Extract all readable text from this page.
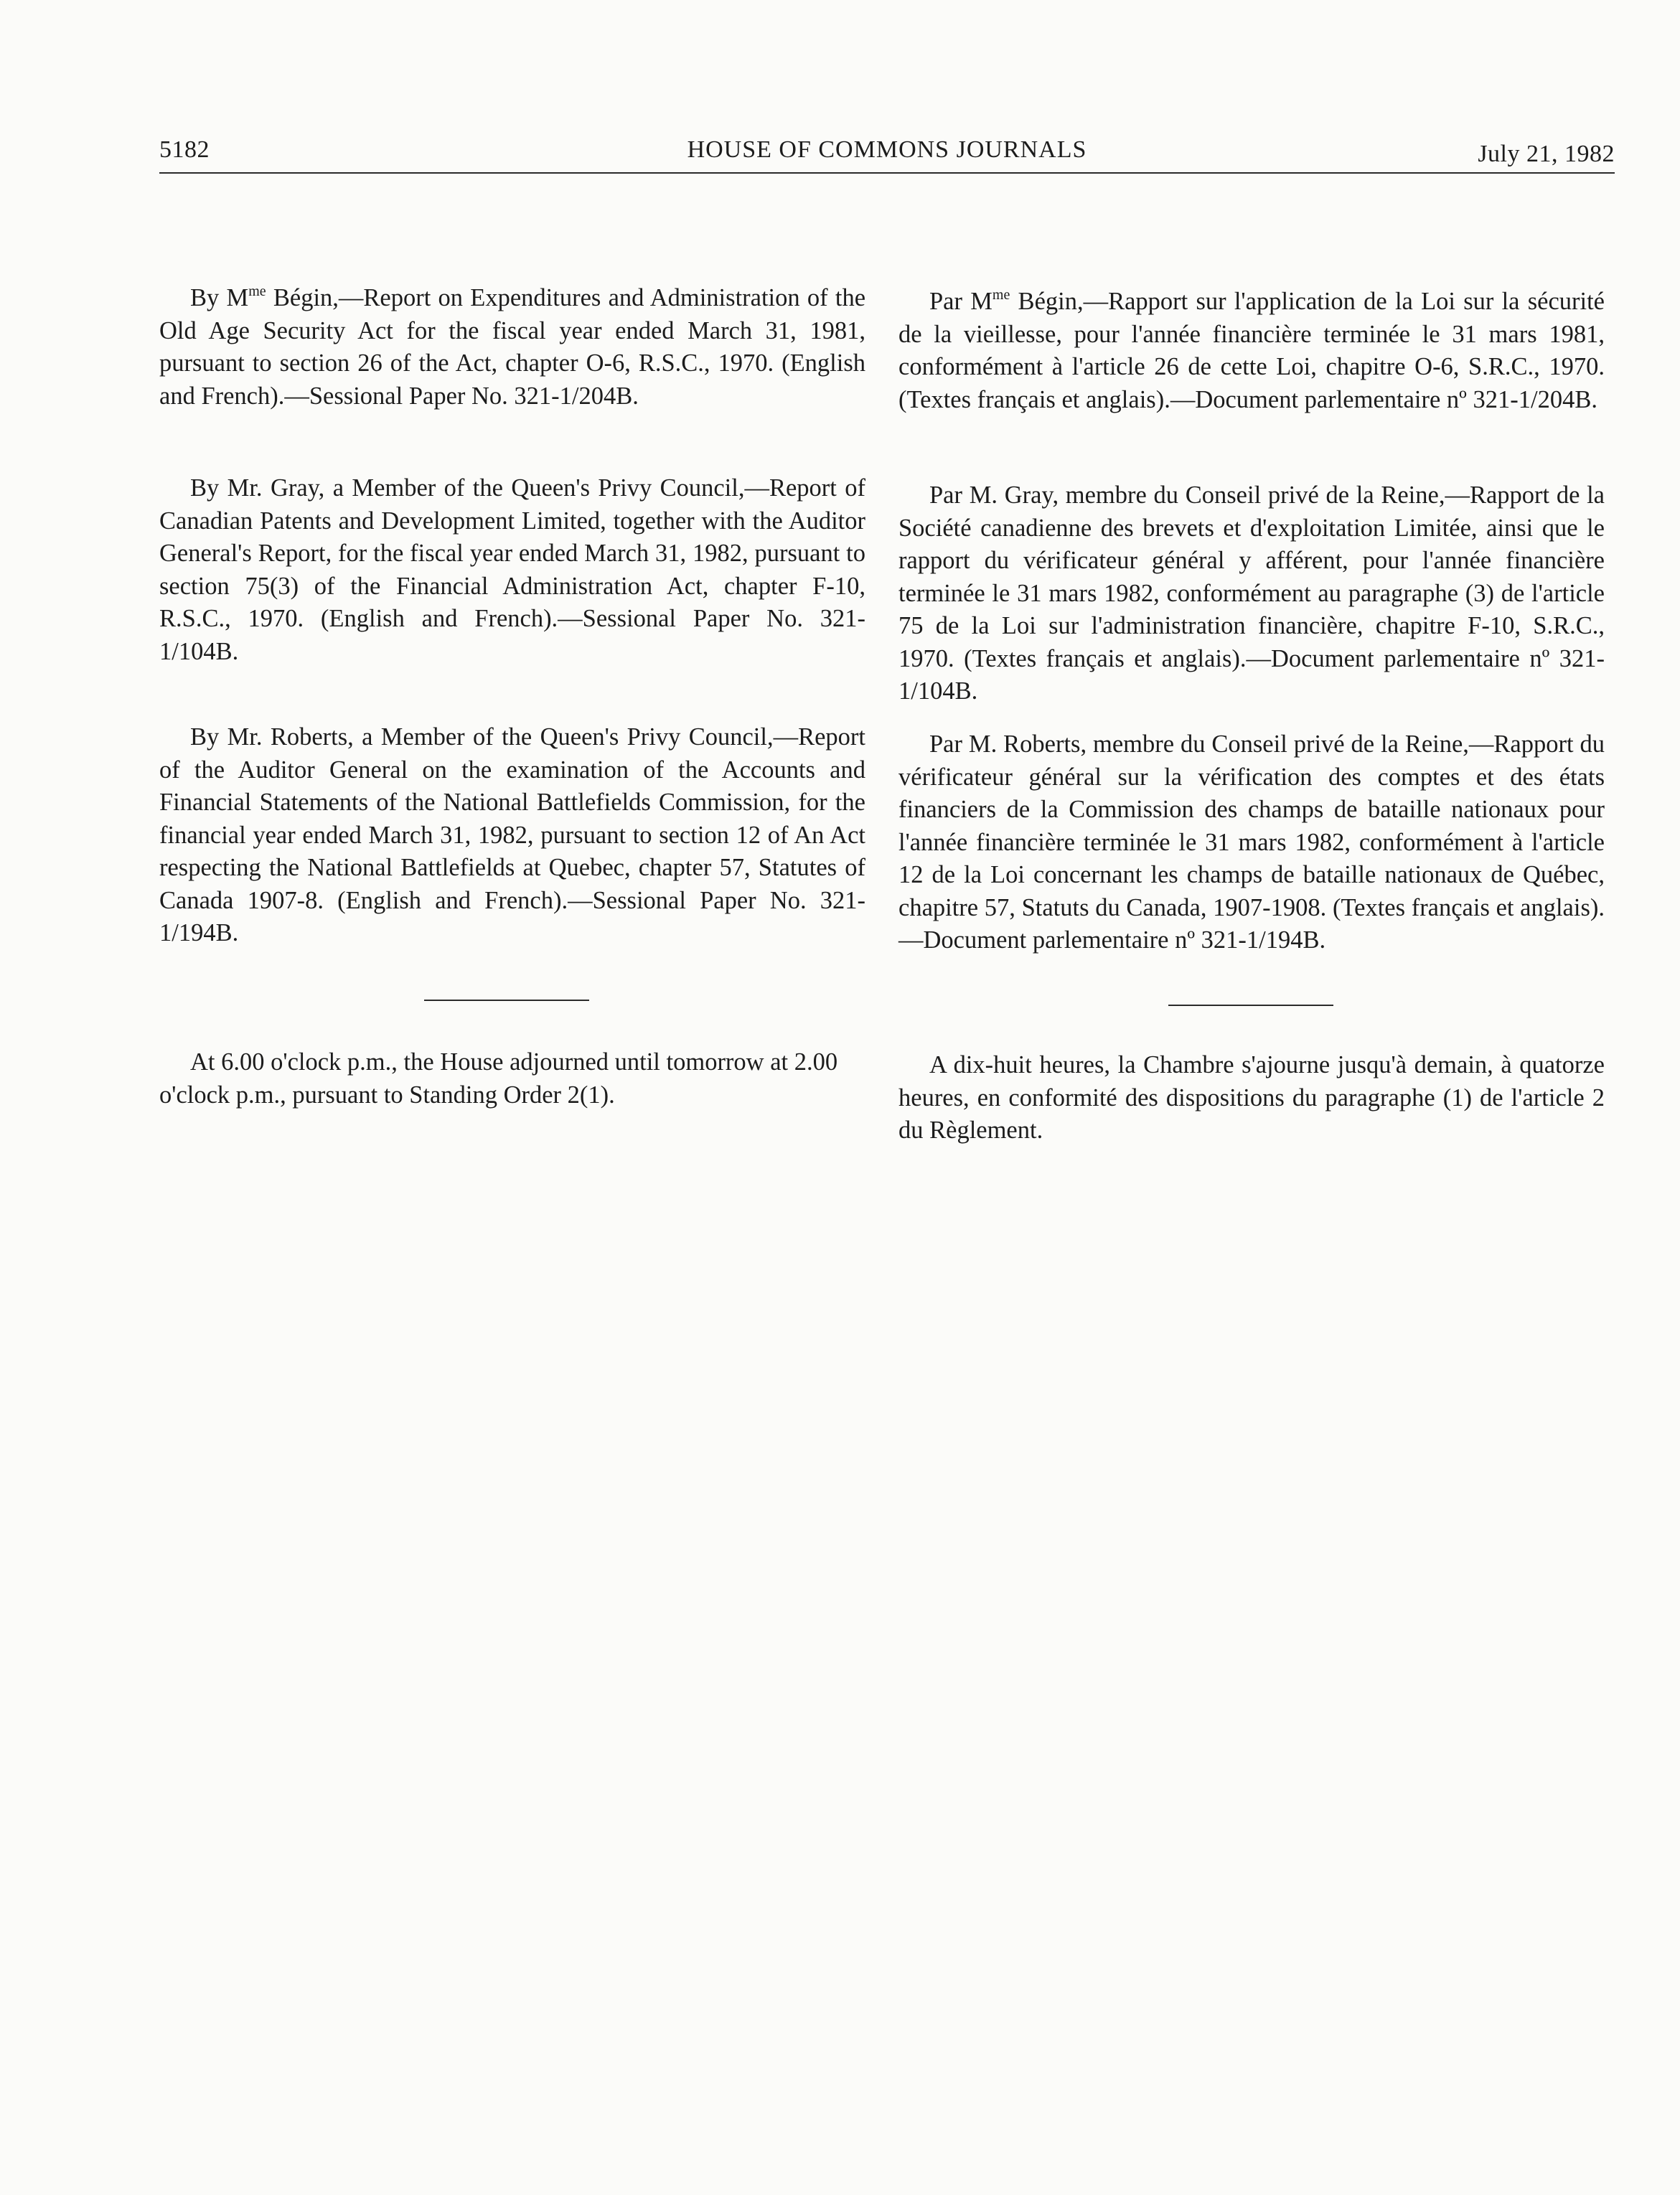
5182	HOUSE OF COMMONS JOURNALS	July 21, 1982

By $M^{me}$ Bégin,—Report on Expenditures and Administration of the Old Age Security Act for the fiscal year ended March 31, 1981, pursuant to section 26 of the Act, chapter O-6, R.S.C., 1970. (English and French).—Sessional Paper No. 321-1/204B.

By Mr. Gray, a Member of the Queen's Privy Council,—Report of Canadian Patents and Development Limited, together with the Auditor General's Report, for the fiscal year ended March 31, 1982, pursuant to section 75(3) of the Financial Administration Act, chapter F-10, R.S.C., 1970. (English and French).—Sessional Paper No. 321-1/104B.

By Mr. Roberts, a Member of the Queen's Privy Council,—Report of the Auditor General on the examination of the Accounts and Financial Statements of the National Battlefields Commission, for the financial year ended March 31, 1982, pursuant to section 12 of An Act respecting the National Battlefields at Quebec, chapter 57, Statutes of Canada 1907-8. (English and French).—Sessional Paper No. 321-1/194B.

At 6.00 o'clock p.m., the House adjourned until tomorrow at 2.00 o'clock p.m., pursuant to Standing Order 2(1).

Par $M^{me}$ Bégin,—Rapport sur l'application de la Loi sur la sécurité de la vieillesse, pour l'année financière terminée le 31 mars 1981, conformément à l'article 26 de cette Loi, chapitre O-6, S.R.C., 1970. (Textes français et anglais).—Document parlementaire nº 321-1/204B.

Par M. Gray, membre du Conseil privé de la Reine,—Rapport de la Société canadienne des brevets et d'exploitation Limitée, ainsi que le rapport du vérificateur général y afférent, pour l'année financière terminée le 31 mars 1982, conformément au paragraphe (3) de l'article 75 de la Loi sur l'administration financière, chapitre F-10, S.R.C., 1970. (Textes français et anglais).—Document parlementaire nº 321-1/104B.

Par M. Roberts, membre du Conseil privé de la Reine,—Rapport du vérificateur général sur la vérification des comptes et des états financiers de la Commission des champs de bataille nationaux pour l'année financière terminée le 31 mars 1982, conformément à l'article 12 de la Loi concernant les champs de bataille nationaux de Québec, chapitre 57, Statuts du Canada, 1907-1908. (Textes français et anglais).—Document parlementaire nº 321-1/194B.

A dix-huit heures, la Chambre s'ajourne jusqu'à demain, à quatorze heures, en conformité des dispositions du paragraphe (1) de l'article 2 du Règlement.
